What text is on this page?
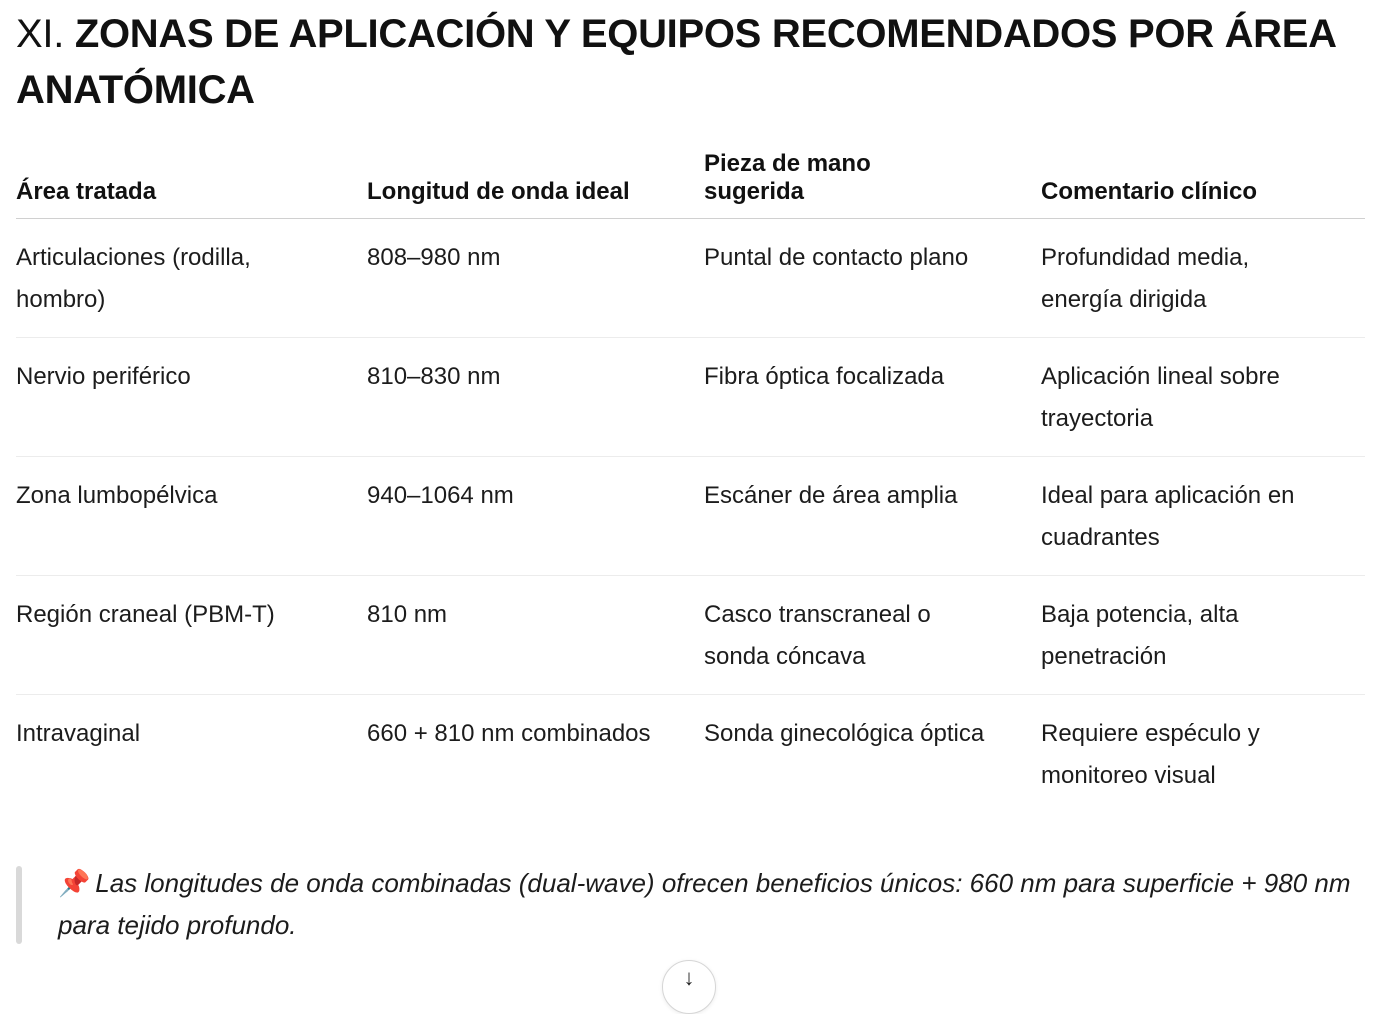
XI. ZONAS DE APLICACIÓN Y EQUIPOS RECOMENDADOS POR ÁREA ANATÓMICA
Área tratada	Longitud de onda ideal	Pieza de mano sugerida	Comentario clínico
Articulaciones (rodilla, hombro)	808–980 nm	Puntal de contacto plano	Profundidad media, energía dirigida
Nervio periférico	810–830 nm	Fibra óptica focalizada	Aplicación lineal sobre trayectoria
Zona lumbopélvica	940–1064 nm	Escáner de área amplia	Ideal para aplicación en cuadrantes
Región craneal (PBM-T)	810 nm	Casco transcraneal o sonda cóncava	Baja potencia, alta penetración
Intravaginal	660 + 810 nm combinados	Sonda ginecológica óptica	Requiere espéculo y monitoreo visual
📌 Las longitudes de onda combinadas (dual-wave) ofrecen beneficios únicos: 660 nm para superficie + 980 nm para tejido profundo.
↓
